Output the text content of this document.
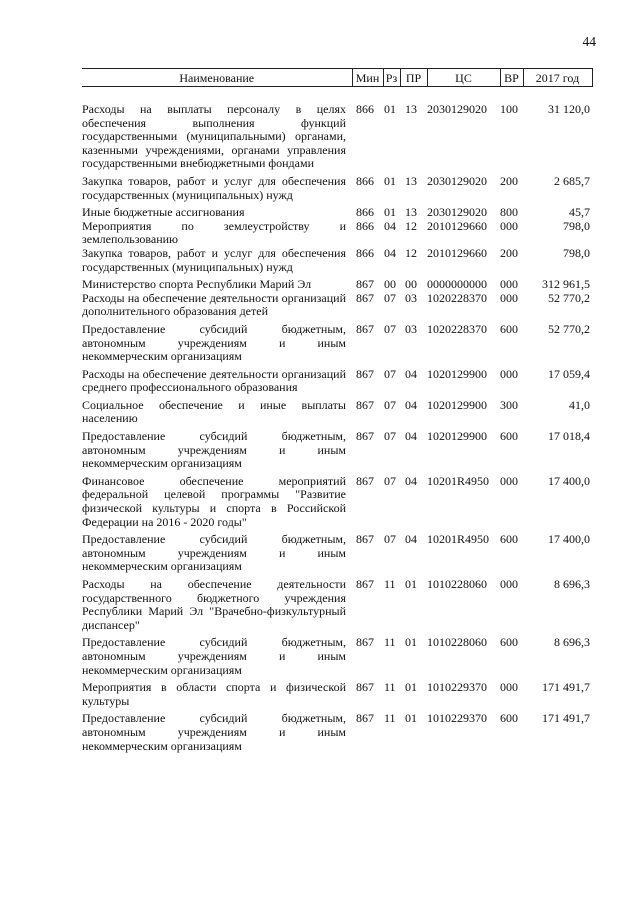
44
Наименование	Мин	Рз	ПР	ЦС	ВР	2017 год

Расходы на выплаты персоналу в целях обеспечения выполнения функций государственными (муниципальными) органами, казенными учреждениями, органами управления государственными внебюджетными фондами	866	01	13	2030129020	100	31 120,0
Закупка товаров, работ и услуг для обеспечения государственных (муниципальных) нужд	866	01	13	2030129020	200	2 685,7
Иные бюджетные ассигнования	866	01	13	2030129020	800	45,7
Мероприятия по землеустройству и землепользованию	866	04	12	2010129660	000	798,0
Закупка товаров, работ и услуг для обеспечения государственных (муниципальных) нужд	866	04	12	2010129660	200	798,0
Министерство спорта Республики Марий Эл	867	00	00	0000000000	000	312 961,5
Расходы на обеспечение деятельности организаций дополнительного образования детей	867	07	03	1020228370	000	52 770,2
Предоставление субсидий бюджетным, автономным учреждениям и иным некоммерческим организациям	867	07	03	1020228370	600	52 770,2
Расходы на обеспечение деятельности организаций среднего профессионального образования	867	07	04	1020129900	000	17 059,4
Социальное обеспечение и иные выплаты населению	867	07	04	1020129900	300	41,0
Предоставление субсидий бюджетным, автономным учреждениям и иным некоммерческим организациям	867	07	04	1020129900	600	17 018,4
Финансовое обеспечение мероприятий федеральной целевой программы "Развитие физической культуры и спорта в Российской Федерации на 2016 - 2020 годы"	867	07	04	10201R4950	000	17 400,0
Предоставление субсидий бюджетным, автономным учреждениям и иным некоммерческим организациям	867	07	04	10201R4950	600	17 400,0
Расходы на обеспечение деятельности государственного бюджетного учреждения Республики Марий Эл "Врачебно-физкультурный диспансер"	867	11	01	1010228060	000	8 696,3
Предоставление субсидий бюджетным, автономным учреждениям и иным некоммерческим организациям	867	11	01	1010228060	600	8 696,3
Мероприятия в области спорта и физической культуры	867	11	01	1010229370	000	171 491,7
Предоставление субсидий бюджетным, автономным учреждениям и иным некоммерческим организациям	867	11	01	1010229370	600	171 491,7
